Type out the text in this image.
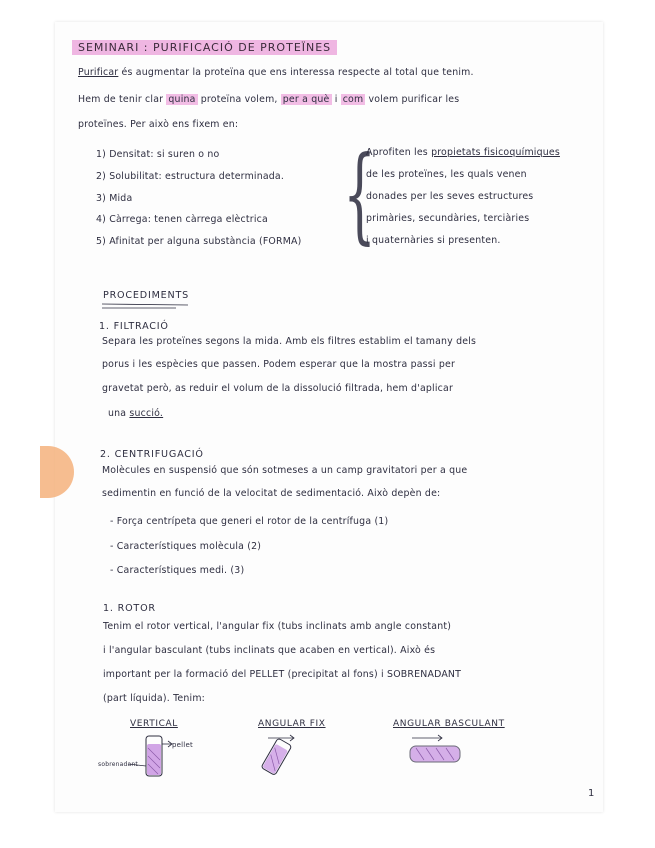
SEMINARI : PURIFICACIÓ DE PROTEÏNES
Purificar és augmentar la proteïna que ens interessa respecte al total que tenim.
Hem de tenir clar quina proteïna volem, per a què i com volem purificar les
proteïnes. Per això ens fixem en:
1) Densitat: si suren o no
2) Solubilitat: estructura determinada.
3) Mida
4) Càrrega: tenen càrrega elèctrica
5) Afinitat per alguna substància (FORMA) {
Aprofiten les propietats fisicoquímiques
de les proteïnes, les quals venen
donades per les seves estructures
primàries, secundàries, terciàries
i quaternàries si presenten.
PROCEDIMENTS
1. FILTRACIÓ
Separa les proteïnes segons la mida. Amb els filtres establim el tamany dels
porus i les espècies que passen. Podem esperar que la mostra passi per
gravetat però, as reduir el volum de la dissolució filtrada, hem d'aplicar
una succió.
2. CENTRIFUGACIÓ
Molècules en suspensió que són sotmeses a un camp gravitatori per a que
sedimentin en funció de la velocitat de sedimentació. Això depèn de:
- Força centrípeta que generi el rotor de la centrífuga (1)
- Característiques molècula (2)
- Característiques medi. (3)
1. ROTOR
Tenim el rotor vertical, l'angular fix (tubs inclinats amb angle constant)
i l'angular basculant (tubs inclinats que acaben en vertical). Això és
important per la formació del PELLET (precipitat al fons) i SOBRENADANT
(part líquida). Tenim:
VERTICAL	ANGULAR FIX	ANGULAR BASCULANT
pellet
sobrenadant
1
